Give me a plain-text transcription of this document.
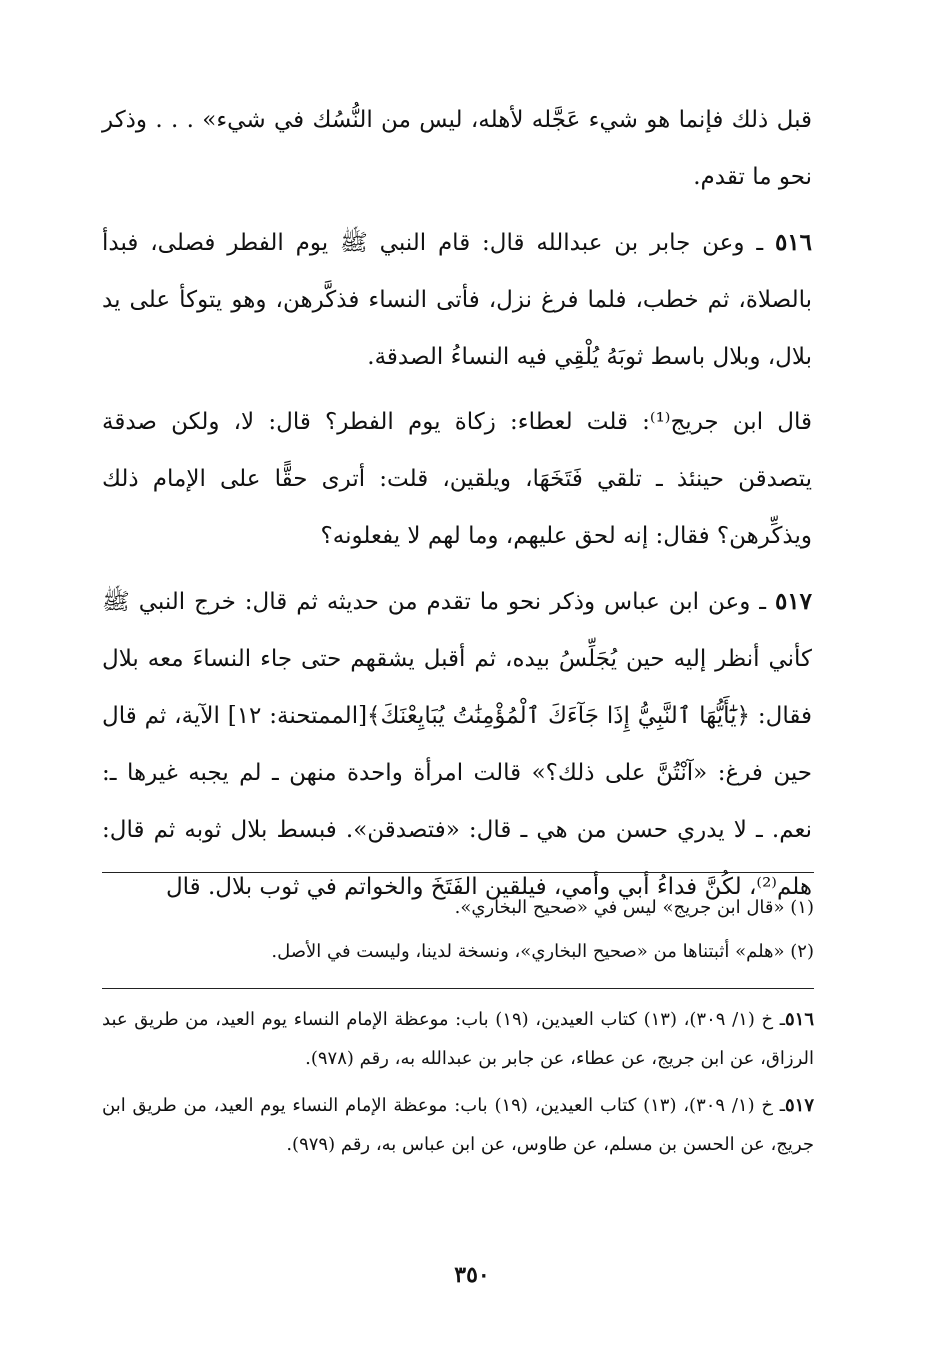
قبل ذلك فإنما هو شيء عَجَّله لأهله، ليس من النُّسُك في شيء» . . . وذكر نحو ما تقدم.

٥١٦ ـ وعن جابر بن عبدالله قال: قام النبي ﷺ يوم الفطر فصلى، فبدأ بالصلاة، ثم خطب، فلما فرغ نزل، فأتى النساء فذكَّرهن، وهو يتوكأ على يد بلال، وبلال باسط ثوبَهُ يُلْقِي فيه النساءُ الصدقة.

قال ابن جريج⁽¹⁾: قلت لعطاء: زكاة يوم الفطر؟ قال: لا، ولكن صدقة يتصدقن حينئذ ـ تلقي فَتَخَهَا، ويلقين، قلت: أترى حقًّا على الإمام ذلك ويذكِّرهن؟ فقال: إنه لحق عليهم، وما لهم لا يفعلونه؟

٥١٧ ـ وعن ابن عباس وذكر نحو ما تقدم من حديثه ثم قال: خرج النبي ﷺ كأني أنظر إليه حين يُجَلِّسُ بيده، ثم أقبل يشقهم حتى جاء النساءَ معه بلال فقال: ﴿يَٰٓأَيُّهَا ٱلنَّبِيُّ إِذَا جَآءَكَ ٱلْمُؤْمِنَٰتُ يُبَايِعْنَكَ﴾[الممتحنة: ١٢] الآية، ثم قال حين فرغ: «آنْتُنَّ على ذلك؟» قالت امرأة واحدة منهن ـ لم يجبه غيرها ـ: نعم. ـ لا يدري حسن من هي ـ قال: «فتصدقن». فبسط بلال ثوبه ثم قال: هلم⁽²⁾، لكُنَّ فداءُ أبي وأمي، فيلقين الفَتَخَ والخواتم في ثوب بلال. قال

(١) «قال ابن جريج» ليس في «صحيح البخاري».
(٢) «هلم» أثبتناها من «صحيح البخاري»، ونسخة لدينا، وليست في الأصل.

٥١٦ـ خ (١/ ٣٠٩)، (١٣) كتاب العيدين، (١٩) باب: موعظة الإمام النساء يوم العيد، من طريق عبد الرزاق، عن ابن جريج، عن عطاء، عن جابر بن عبدالله به، رقم (٩٧٨).

٥١٧ـ خ (١/ ٣٠٩)، (١٣) كتاب العيدين، (١٩) باب: موعظة الإمام النساء يوم العيد، من طريق ابن جريج، عن الحسن بن مسلم، عن طاوس، عن ابن عباس به، رقم (٩٧٩).

٣٥٠
